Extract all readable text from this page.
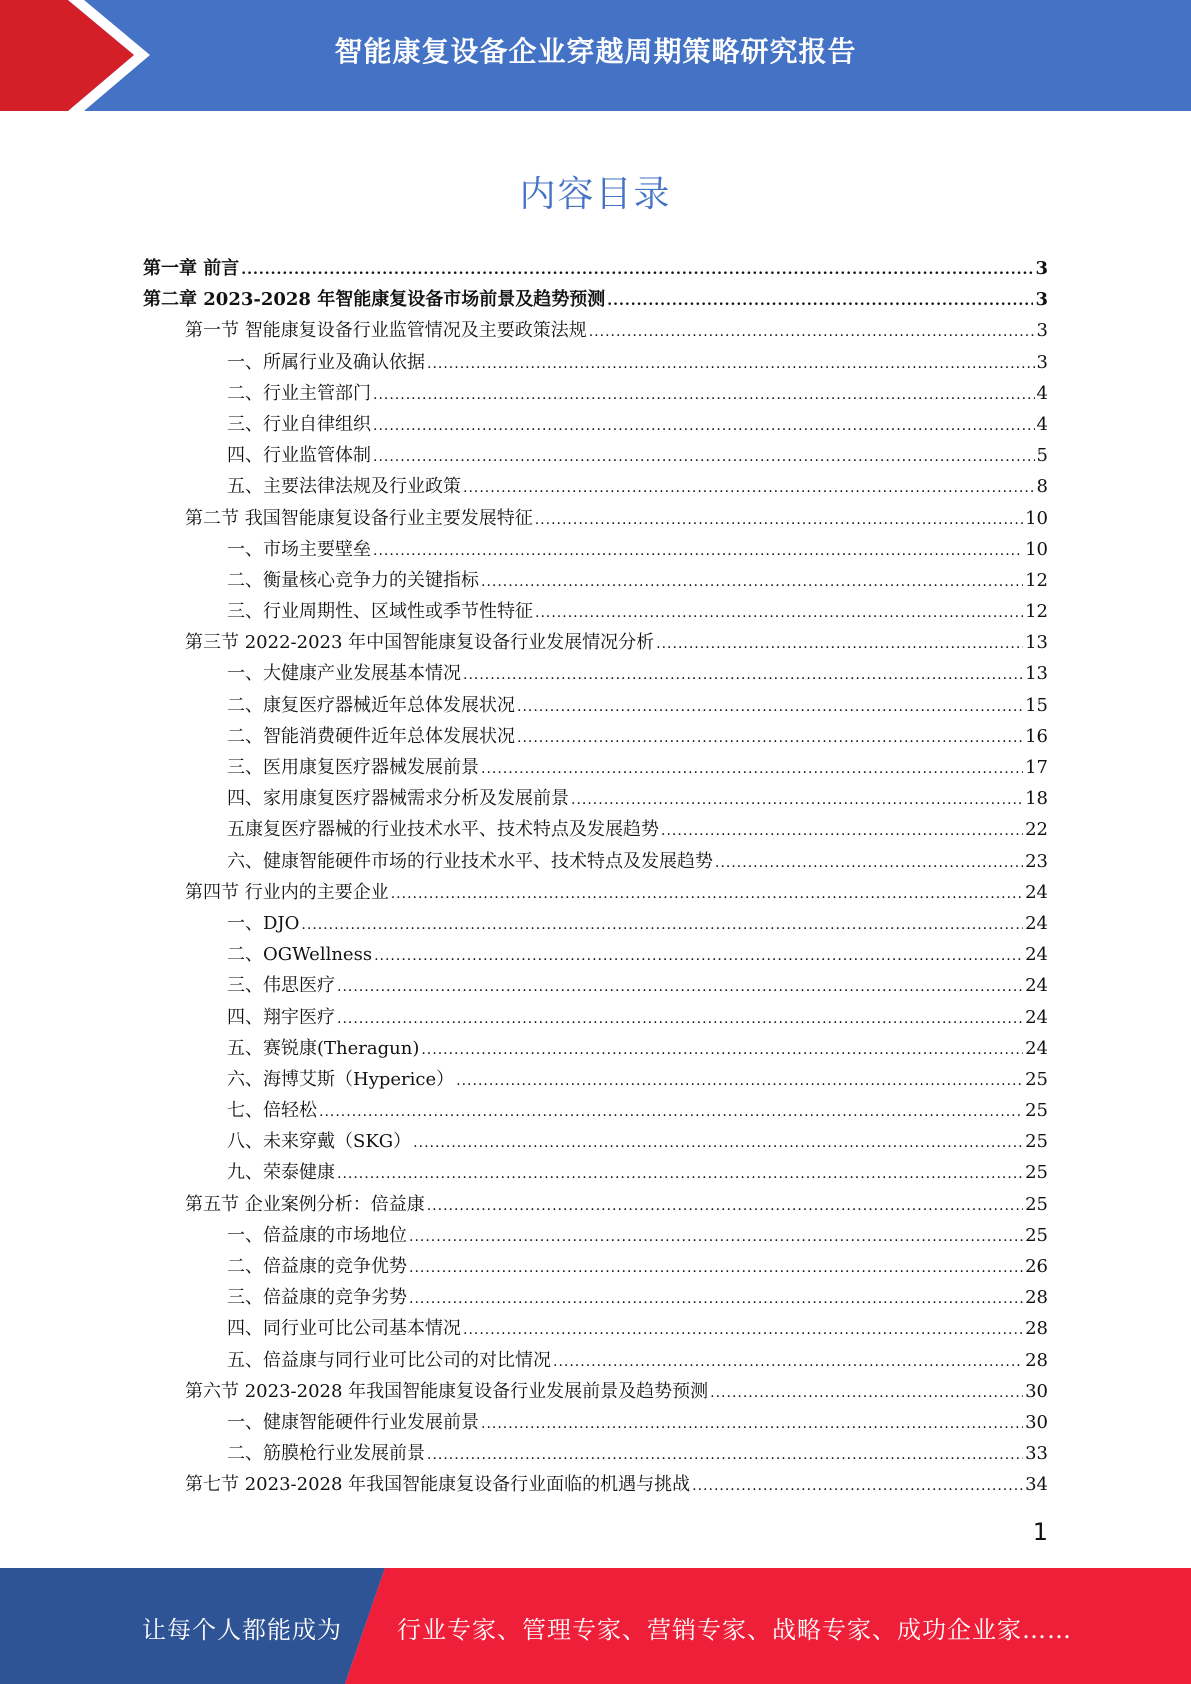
智能康复设备企业穿越周期策略研究报告
内容目录
第一章 前言 .....	3
第二章 2023-2028 年智能康复设备市场前景及趋势预测 .....	3
第一节 智能康复设备行业监管情况及主要政策法规 .....	3
一、所属行业及确认依据 .....	3
二、行业主管部门 .....	4
三、行业自律组织 .....	4
四、行业监管体制 .....	5
五、主要法律法规及行业政策 .....	8
第二节 我国智能康复设备行业主要发展特征 .....	10
一、市场主要壁垒 .....	10
二、衡量核心竞争力的关键指标 .....	12
三、行业周期性、区域性或季节性特征 .....	12
第三节 2022-2023 年中国智能康复设备行业发展情况分析 .....	13
一、大健康产业发展基本情况 .....	13
二、康复医疗器械近年总体发展状况 .....	15
二、智能消费硬件近年总体发展状况 .....	16
三、医用康复医疗器械发展前景 .....	17
四、家用康复医疗器械需求分析及发展前景 .....	18
五康复医疗器械的行业技术水平、技术特点及发展趋势 .....	22
六、健康智能硬件市场的行业技术水平、技术特点及发展趋势 .....	23
第四节 行业内的主要企业 .....	24
一、DJO .....	24
二、OGWellness .....	24
三、伟思医疗 .....	24
四、翔宇医疗 .....	24
五、赛锐康(Theragun) .....	24
六、海博艾斯（Hyperice） .....	25
七、倍轻松 .....	25
八、未来穿戴（SKG） .....	25
九、荣泰健康 .....	25
第五节 企业案例分析：倍益康 .....	25
一、倍益康的市场地位 .....	25
二、倍益康的竞争优势 .....	26
三、倍益康的竞争劣势 .....	28
四、同行业可比公司基本情况 .....	28
五、倍益康与同行业可比公司的对比情况 .....	28
第六节 2023-2028 年我国智能康复设备行业发展前景及趋势预测 .....	30
一、健康智能硬件行业发展前景 .....	30
二、筋膜枪行业发展前景 .....	33
第七节 2023-2028 年我国智能康复设备行业面临的机遇与挑战 .....	34
1
让每个人都能成为 行业专家、管理专家、营销专家、战略专家、成功企业家……
